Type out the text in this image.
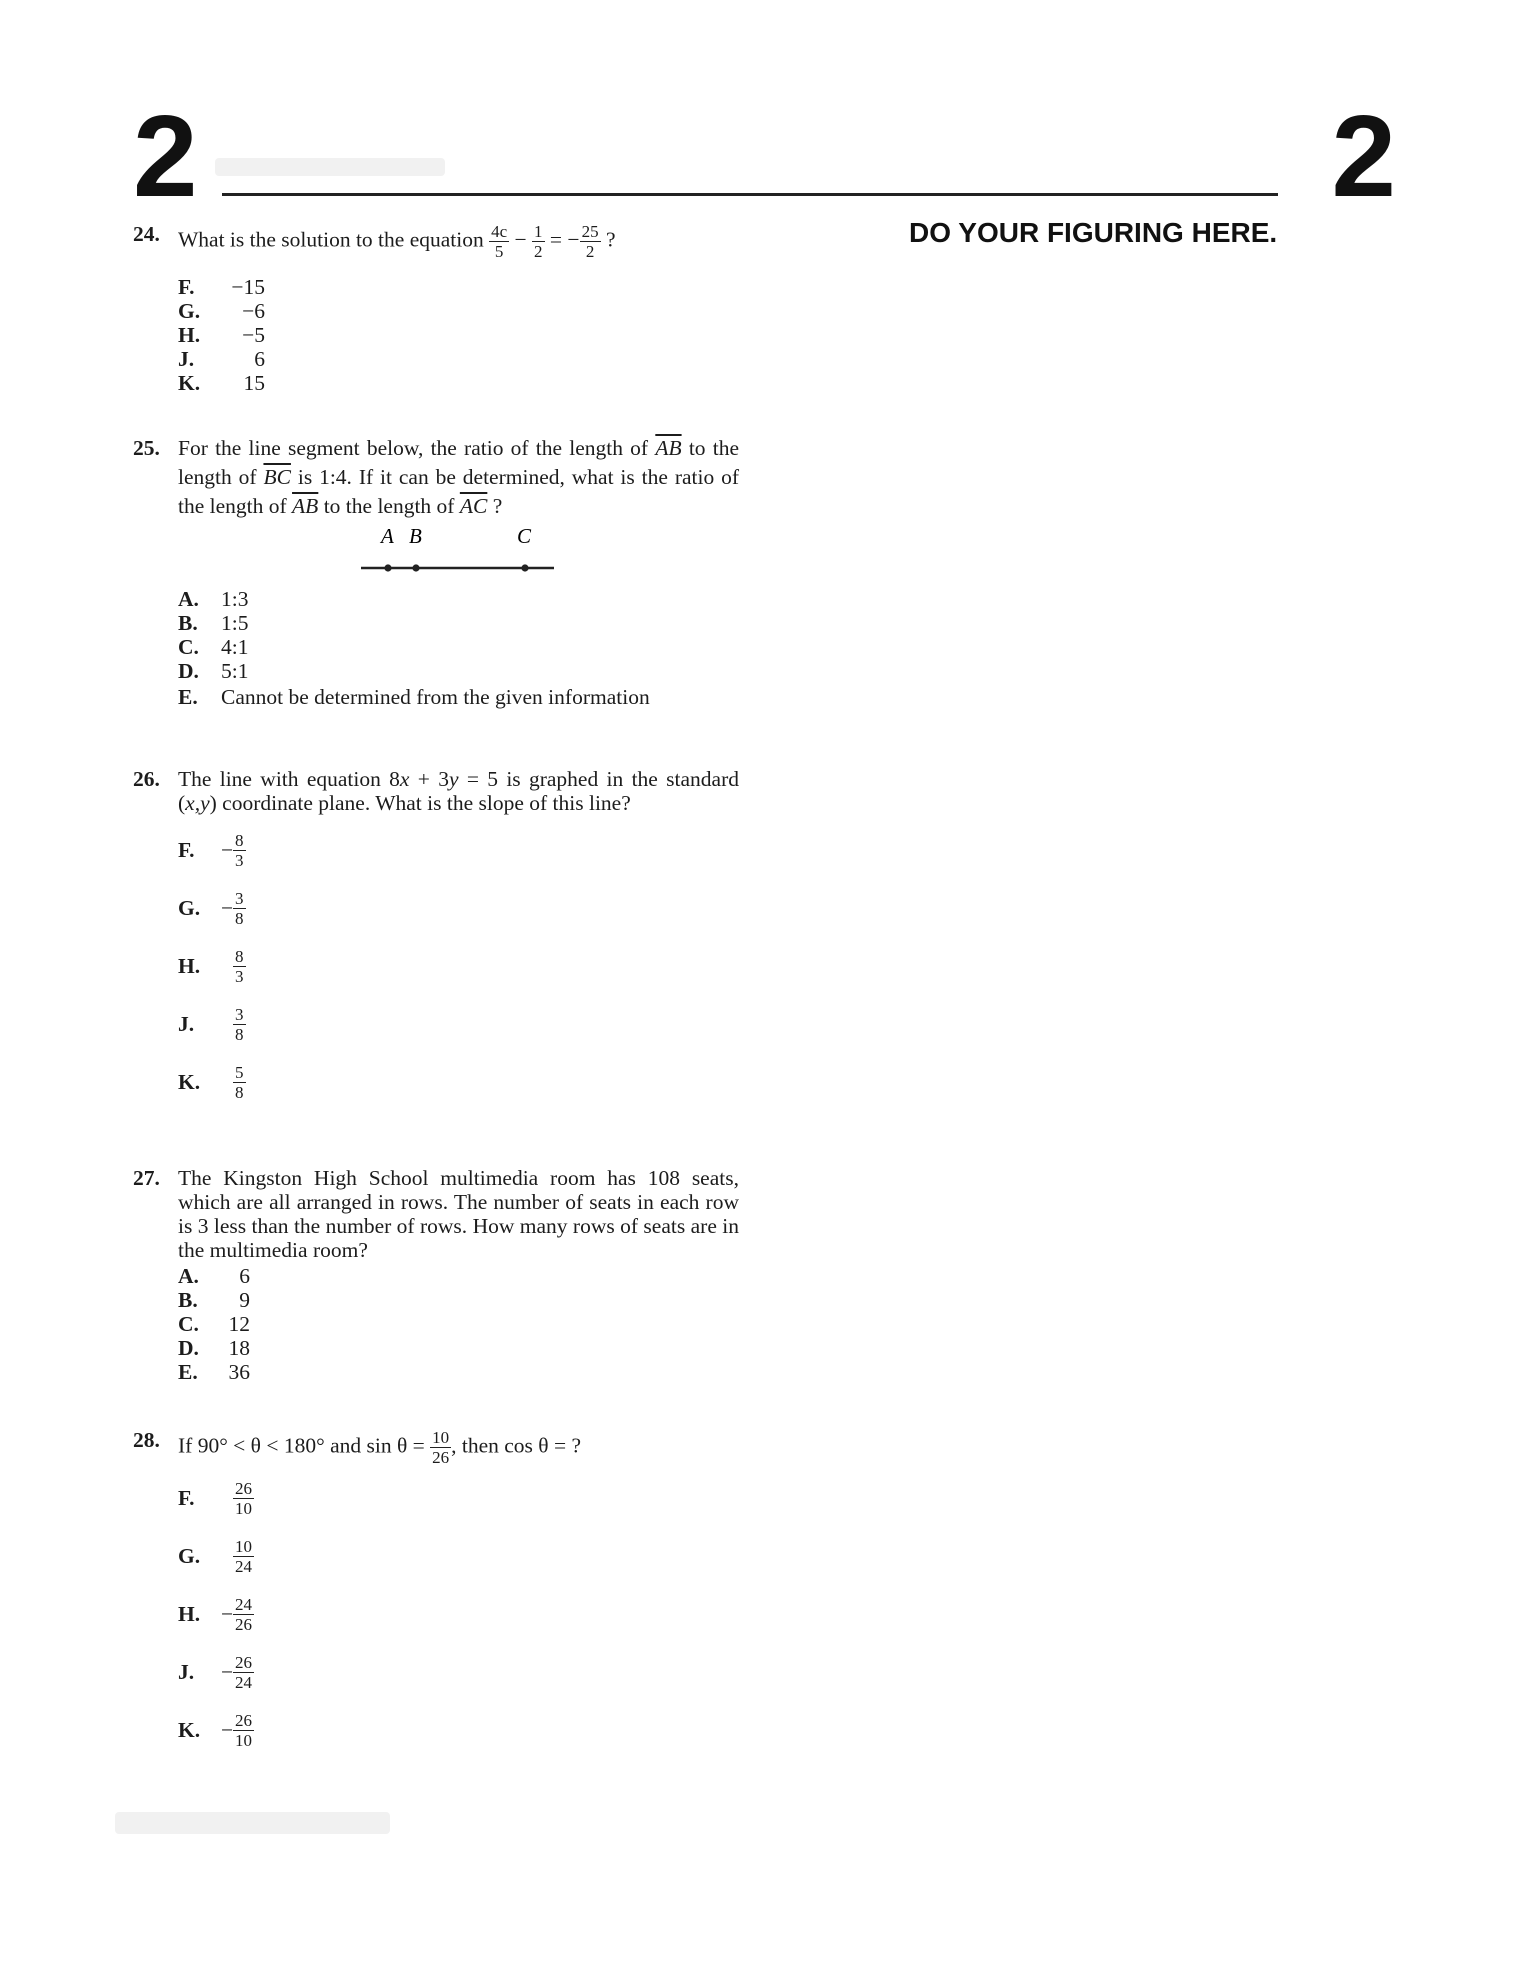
2	2
DO YOUR FIGURING HERE.
24. What is the solution to the equation $\frac{4c}{5} - \frac{1}{2}$ = − $\frac{25}{2}$ ?
F.	−15
G.	−6
H.	−5
J.	6
K.	15
25. For the line segment below, the ratio of the length of $\overline{AB}$ to the length of $\overline{BC}$ is 1:4. If it can be determined, what is the ratio of the length of $\overline{AB}$ to the length of $\overline{AC}$ ?
A B	C
A.	1:3
B.	1:5
C.	4:1
D.	5:1
E.	Cannot be determined from the given information
26. The line with equation 8x + 3y = 5 is graphed in the standard (x,y) coordinate plane. What is the slope of this line?
F.	− $\frac{8}{3}$
G. − $\frac{3}{8}$
H.	$\frac{8}{3}$
J.	$\frac{3}{8}$
K.	$\frac{5}{8}$
27. The Kingston High School multimedia room has 108 seats, which are all arranged in rows. The number of seats in each row is 3 less than the number of rows. How many rows of seats are in the multimedia room?
A.	6
B.	9
C.	12
D.	18
E.	36
28. If 90° < θ < 180° and $\sin \theta = \frac{10}{26}$ , then cos θ = ?
F.	$\frac{26}{10}$
G.	$\frac{10}{24}$
H. − $\frac{24}{26}$
J.	− $\frac{26}{24}$
K. − $\frac{26}{10}$
